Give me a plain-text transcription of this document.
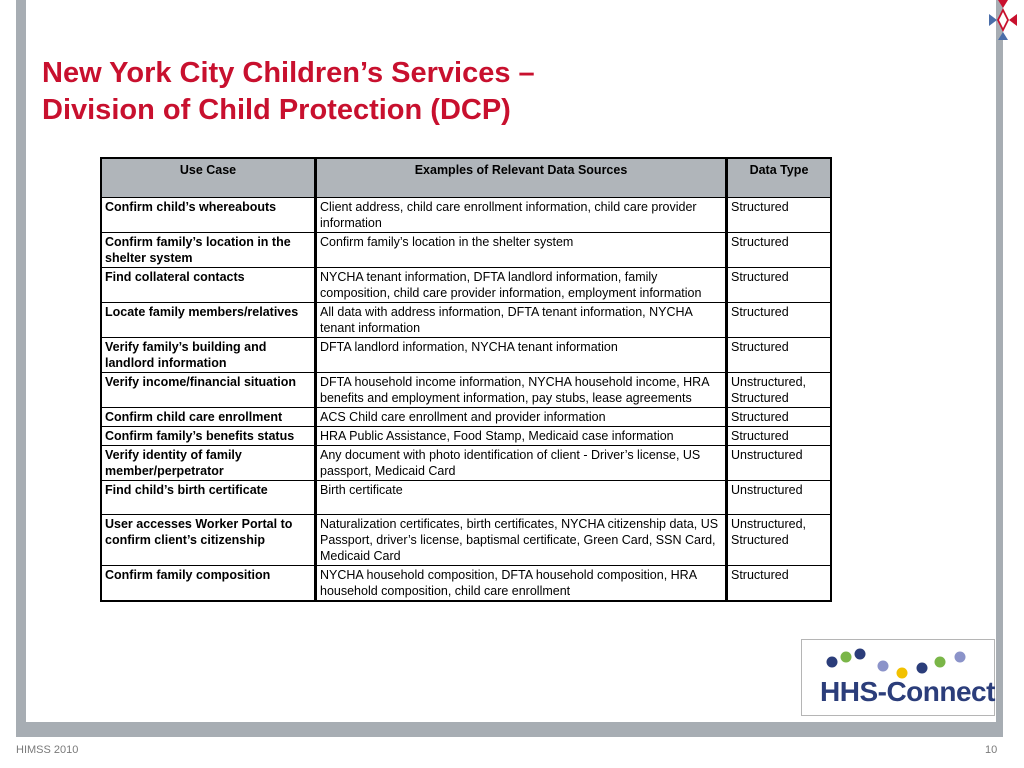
New York City Children’s Services –
Division of Child Protection (DCP)
Use Case	Examples of Relevant Data Sources	Data Type
Confirm child’s whereabouts	Client address, child care enrollment information, child care provider information	Structured
Confirm family’s location in the shelter system	Confirm family’s location in the shelter system	Structured
Find collateral contacts	NYCHA tenant information, DFTA landlord information, family composition, child care provider information, employment information	Structured
Locate family members/relatives	All data with address information, DFTA tenant information, NYCHA tenant information	Structured
Verify family’s building and landlord information	DFTA landlord information, NYCHA tenant information	Structured
Verify income/financial situation	DFTA household income information, NYCHA household income, HRA benefits and employment information, pay stubs, lease agreements	Unstructured, Structured
Confirm child care enrollment	ACS Child care enrollment and provider information	Structured
Confirm family’s benefits status	HRA Public Assistance, Food Stamp, Medicaid case information	Structured
Verify identity of family member/perpetrator	Any document with photo identification of client - Driver’s license, US passport, Medicaid Card	Unstructured
Find child’s birth certificate	Birth certificate	Unstructured
User accesses Worker Portal to confirm client’s citizenship	Naturalization certificates, birth certificates, NYCHA citizenship data, US Passport, driver’s license, baptismal certificate, Green Card, SSN Card, Medicaid Card	Unstructured, Structured
Confirm family composition	NYCHA household composition, DFTA household composition, HRA household composition, child care enrollment	Structured
HHS-Connect
HIMSS 2010	10
